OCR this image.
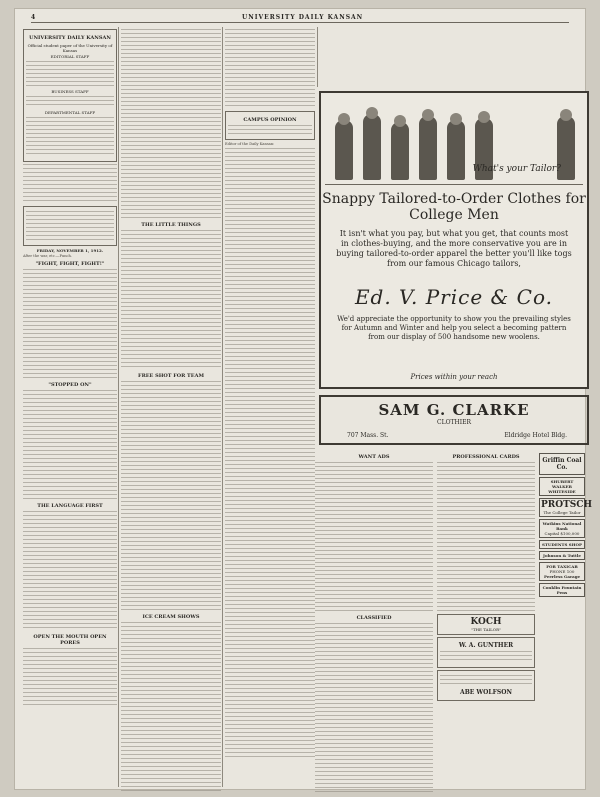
4	UNIVERSITY DAILY KANSAN
UNIVERSITY DAILY KANSAN
Official student paper of the University of Kansas
EDITORIAL STAFF
BUSINESS STAFF
DEPARTMENTAL STAFF
FRIDAY, NOVEMBER 1, 1912.
After the war, etc.—Punch.
"FIGHT, FIGHT, FIGHT!"
"STOPPED ON"
THE LANGUAGE FIRST
OPEN THE MOUTH OPEN PORES
THE LITTLE THINGS
FREE SHOT FOR TEAM
ICE CREAM SHOWS
CAMPUS OPINION
Editor of the Daily Kansan:
What's your Tailor?
Snappy Tailored-to-Order Clothes for College Men
It isn't what you pay, but what you get, that counts most in clothes-buying, and the more conservative you are in buying tailored-to-order apparel the better you'll like togs from our famous Chicago tailors,
Ed. V. Price & Co.
We'd appreciate the opportunity to show you the prevailing styles for Autumn and Winter and help you select a becoming pattern from our display of 500 handsome new woolens.
Prices within your reach
SAM G. CLARKE
CLOTHIER
707 Mass. St.	Eldridge Hotel Bldg.
WANT ADS
CLASSIFIED
PROFESSIONAL CARDS
KOCH
"THE TAILOR"
W. A. GUNTHER
ABE WOLFSON
Griffin Coal Co.
SHUBERT WALKER WHITESIDE
PROTSCH
The College Tailor
Watkins National Bank
Capital $100,000
STUDENTS SHOP
Johnson & Tuttle
FOR TAXICAB
PHONE 100
Peerless Garage
Conklin Fountain Pens
